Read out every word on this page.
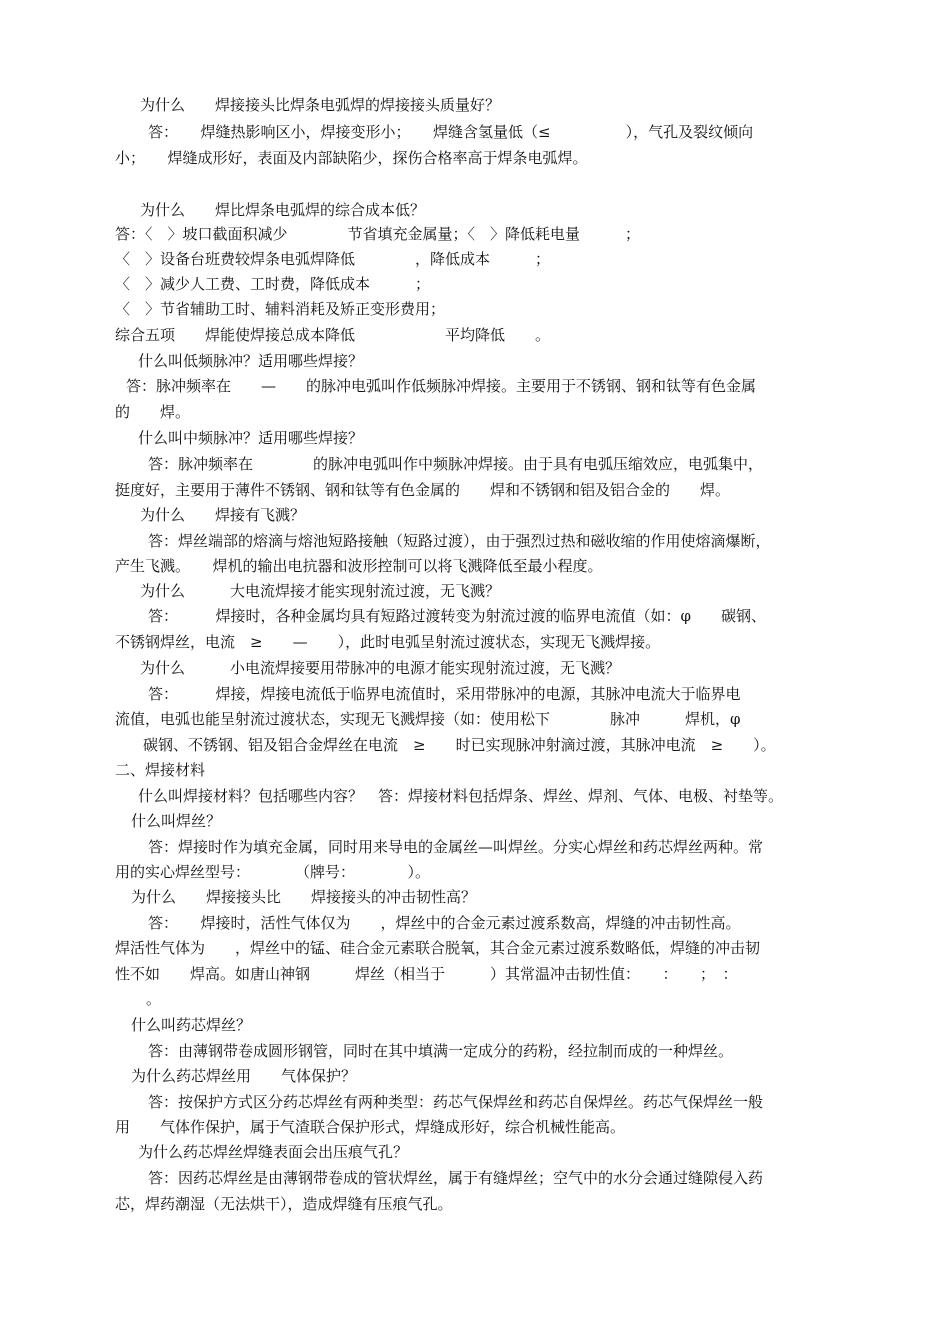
为什么　　焊接接头比焊条电弧焊的焊接接头质量好？
答：　　焊缝热影响区小，焊接变形小；　　焊缝含氢量低（≤　　　　　），气孔及裂纹倾向
小；　　焊缝成形好，表面及内部缺陷少，探伤合格率高于焊条电弧焊。
为什么　　焊比焊条电弧焊的综合成本低？
答：〈　〉坡口截面积减少　　　　节省填充金属量；〈　〉降低耗电量　　　；
〈　〉设备台班费较焊条电弧焊降低　　　　，降低成本　　　；
〈　〉减少人工费、工时费，降低成本　　　；
〈　〉节省辅助工时、辅料消耗及矫正变形费用；
综合五项　　焊能使焊接总成本降低　　　　　　平均降低　　。
什么叫低频脉冲？适用哪些焊接？
答：脉冲频率在　　—　　的脉冲电弧叫作低频脉冲焊接。主要用于不锈钢、钢和钛等有色金属
的　　焊。
什么叫中频脉冲？适用哪些焊接？
答：脉冲频率在　　　　的脉冲电弧叫作中频脉冲焊接。由于具有电弧压缩效应，电弧集中，
挺度好，主要用于薄件不锈钢、钢和钛等有色金属的　　焊和不锈钢和铝及铝合金的　　焊。
为什么　　焊接有飞溅？
答：焊丝端部的熔滴与熔池短路接触（短路过渡），由于强烈过热和磁收缩的作用使熔滴爆断，
产生飞溅。　　焊机的输出电抗器和波形控制可以将飞溅降低至最小程度。
为什么　　　大电流焊接才能实现射流过渡，无飞溅？
答：　　　焊接时，各种金属均具有短路过渡转变为射流过渡的临界电流值（如：φ　　碳钢、
不锈钢焊丝，电流　≥　　—　　），此时电弧呈射流过渡状态，实现无飞溅焊接。
为什么　　　小电流焊接要用带脉冲的电源才能实现射流过渡，无飞溅？
答：　　　焊接，焊接电流低于临界电流值时，采用带脉冲的电源，其脉冲电流大于临界电
流值，电弧也能呈射流过渡状态，实现无飞溅焊接（如：使用松下　　　　脉冲　　　焊机，φ
碳钢、不锈钢、铝及铝合金焊丝在电流　≥　　时已实现脉冲射滴过渡，其脉冲电流　≥　　）。
二、焊接材料
什么叫焊接材料？包括哪些内容？　答：焊接材料包括焊条、焊丝、焊剂、气体、电极、衬垫等。
什么叫焊丝？
答：焊接时作为填充金属，同时用来导电的金属丝—叫焊丝。分实心焊丝和药芯焊丝两种。常
用的实心焊丝型号：　　　　（牌号：　　　　）。
为什么　　焊接接头比　　焊接接头的冲击韧性高？
答：　　焊接时，活性气体仅为　　，焊丝中的合金元素过渡系数高，焊缝的冲击韧性高。
焊活性气体为　　，焊丝中的锰、硅合金元素联合脱氧，其合金元素过渡系数略低，焊缝的冲击韧
性不如　　焊高。如唐山神钢　　　焊丝（相当于　　　）其常温冲击韧性值：　　：　　；　：
。
什么叫药芯焊丝？
答：由薄钢带卷成圆形钢管，同时在其中填满一定成分的药粉，经拉制而成的一种焊丝。
为什么药芯焊丝用　　气体保护？
答：按保护方式区分药芯焊丝有两种类型：药芯气保焊丝和药芯自保焊丝。药芯气保焊丝一般
用　　气体作保护，属于气渣联合保护形式，焊缝成形好，综合机械性能高。
为什么药芯焊丝焊缝表面会出压痕气孔？
答：因药芯焊丝是由薄钢带卷成的管状焊丝，属于有缝焊丝；空气中的水分会通过缝隙侵入药
芯，焊药潮湿（无法烘干），造成焊缝有压痕气孔。
